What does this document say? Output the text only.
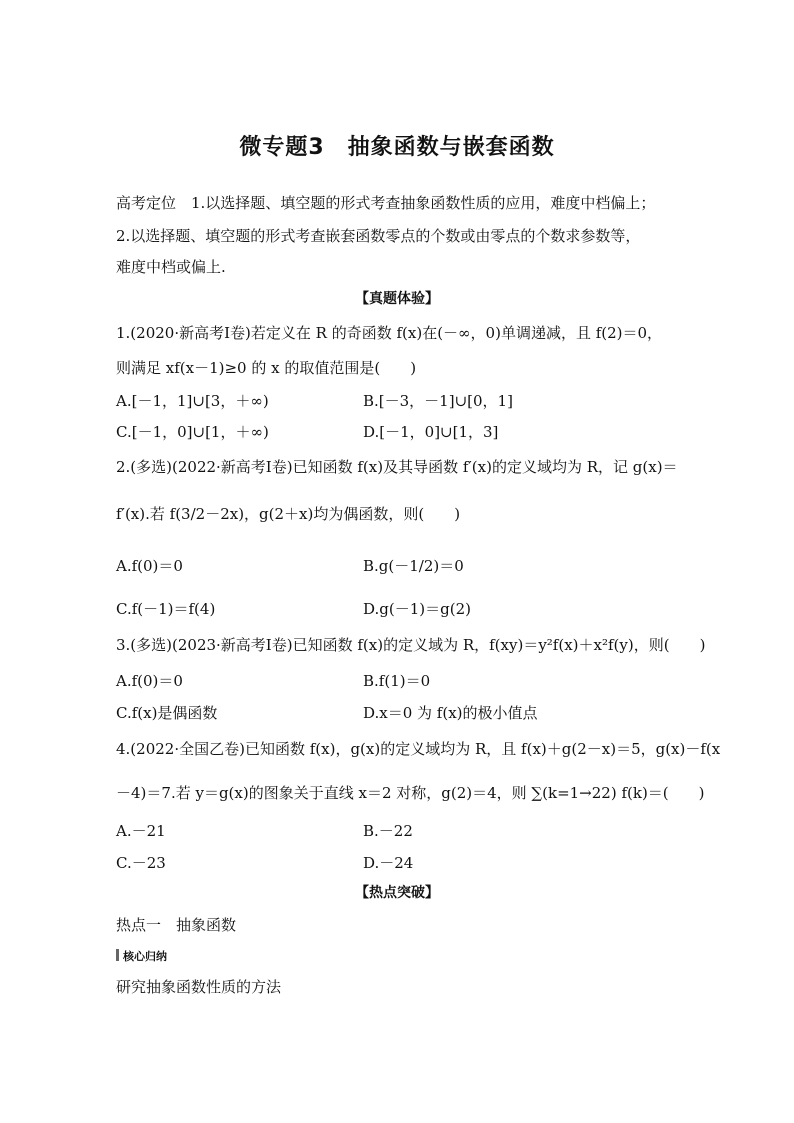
微专题3　抽象函数与嵌套函数
高考定位　1.以选择题、填空题的形式考查抽象函数性质的应用，难度中档偏上；
2.以选择题、填空题的形式考查嵌套函数零点的个数或由零点的个数求参数等，
难度中档或偏上.
【真题体验】
1.(2020·新高考Ⅰ卷)若定义在 R 的奇函数 f(x)在(－∞，0)单调递减，且 f(2)＝0，
则满足 xf(x－1)≥0 的 x 的取值范围是(　　)
A.[－1，1]∪[3，＋∞)	B.[－3，－1]∪[0，1]
C.[－1，0]∪[1，＋∞)	D.[－1，0]∪[1，3]
2.(多选)(2022·新高考Ⅰ卷)已知函数 f(x)及其导函数 f′(x)的定义域均为 R，记 g(x)＝
f′(x).若 f(3/2－2x)，g(2＋x)均为偶函数，则(　　)
A.f(0)＝0	B.g(－1/2)＝0
C.f(－1)＝f(4)	D.g(－1)＝g(2)
3.(多选)(2023·新高考Ⅰ卷)已知函数 f(x)的定义域为 R，f(xy)＝y²f(x)＋x²f(y)，则(　　)
A.f(0)＝0	B.f(1)＝0
C.f(x)是偶函数	D.x＝0 为 f(x)的极小值点
4.(2022·全国乙卷)已知函数 f(x)，g(x)的定义域均为 R，且 f(x)＋g(2－x)＝5，g(x)－f(x
－4)＝7.若 y＝g(x)的图象关于直线 x＝2 对称，g(2)＝4，则 ∑(k=1→22) f(k)＝(　　)
A.－21	B.－22
C.－23	D.－24
【热点突破】
热点一　抽象函数
核心归纳
研究抽象函数性质的方法
